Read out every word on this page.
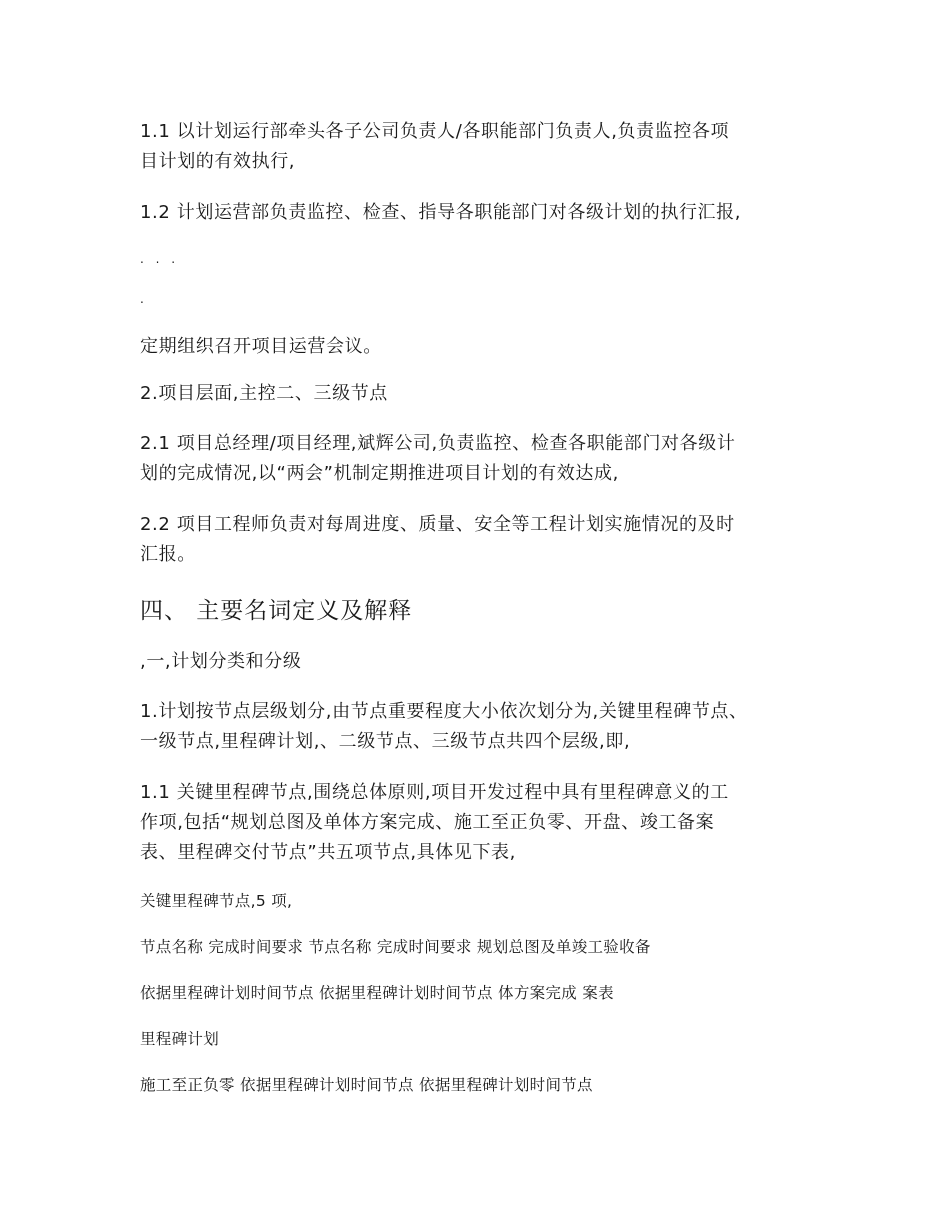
1.1 以计划运行部牵头各子公司负责人/各职能部门负责人,负责监控各项
目计划的有效执行,
1.2 计划运营部负责监控、检查、指导各职能部门对各级计划的执行汇报,
. . .
.
定期组织召开项目运营会议。
2.项目层面,主控二、三级节点
2.1 项目总经理/项目经理,斌辉公司,负责监控、检查各职能部门对各级计
划的完成情况,以“两会”机制定期推进项目计划的有效达成,
2.2 项目工程师负责对每周进度、质量、安全等工程计划实施情况的及时
汇报。
四、 主要名词定义及解释
,一,计划分类和分级
1.计划按节点层级划分,由节点重要程度大小依次划分为,关键里程碑节点、
一级节点,里程碑计划,、二级节点、三级节点共四个层级,即,
1.1 关键里程碑节点,围绕总体原则,项目开发过程中具有里程碑意义的工
作项,包括“规划总图及单体方案完成、施工至正负零、开盘、竣工备案
表、里程碑交付节点”共五项节点,具体见下表,
关键里程碑节点,5 项,
节点名称 完成时间要求 节点名称 完成时间要求 规划总图及单竣工验收备
依据里程碑计划时间节点 依据里程碑计划时间节点 体方案完成 案表
里程碑计划
施工至正负零 依据里程碑计划时间节点 依据里程碑计划时间节点
